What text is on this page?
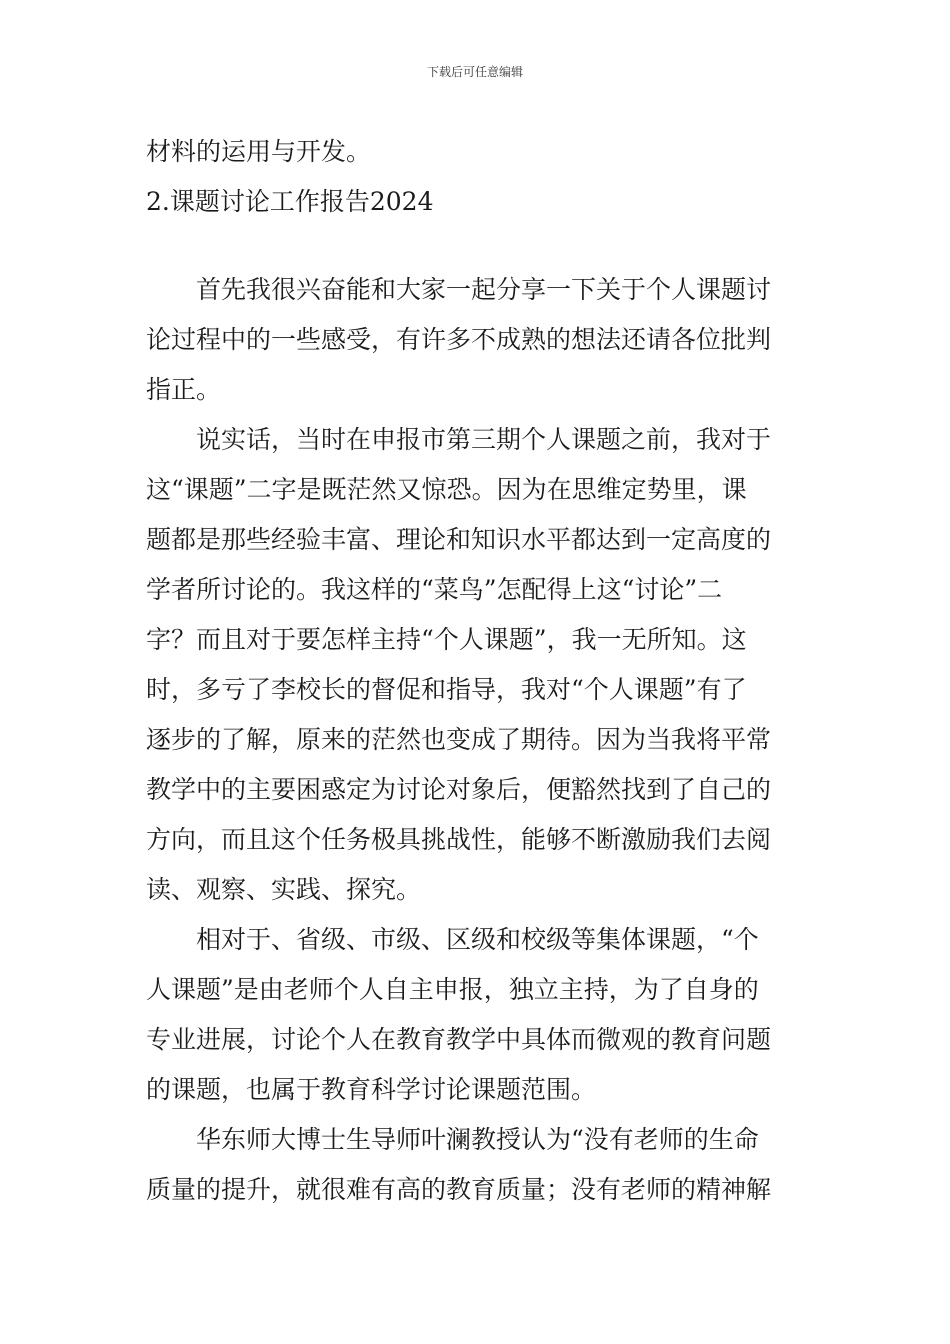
下载后可任意编辑
材料的运用与开发。
2.课题讨论工作报告2024
首先我很兴奋能和大家一起分享一下关于个人课题讨
论过程中的一些感受，有许多不成熟的想法还请各位批判
指正。
说实话，当时在申报市第三期个人课题之前，我对于
这“课题”二字是既茫然又惊恐。因为在思维定势里，课
题都是那些经验丰富、理论和知识水平都达到一定高度的
学者所讨论的。我这样的“菜鸟”怎配得上这“讨论”二
字？而且对于要怎样主持“个人课题”，我一无所知。这
时，多亏了李校长的督促和指导，我对“个人课题”有了
逐步的了解，原来的茫然也变成了期待。因为当我将平常
教学中的主要困惑定为讨论对象后，便豁然找到了自己的
方向，而且这个任务极具挑战性，能够不断激励我们去阅
读、观察、实践、探究。
相对于、省级、市级、区级和校级等集体课题，“个
人课题”是由老师个人自主申报，独立主持，为了自身的
专业进展，讨论个人在教育教学中具体而微观的教育问题
的课题，也属于教育科学讨论课题范围。
华东师大博士生导师叶澜教授认为“没有老师的生命
质量的提升，就很难有高的教育质量；没有老师的精神解
